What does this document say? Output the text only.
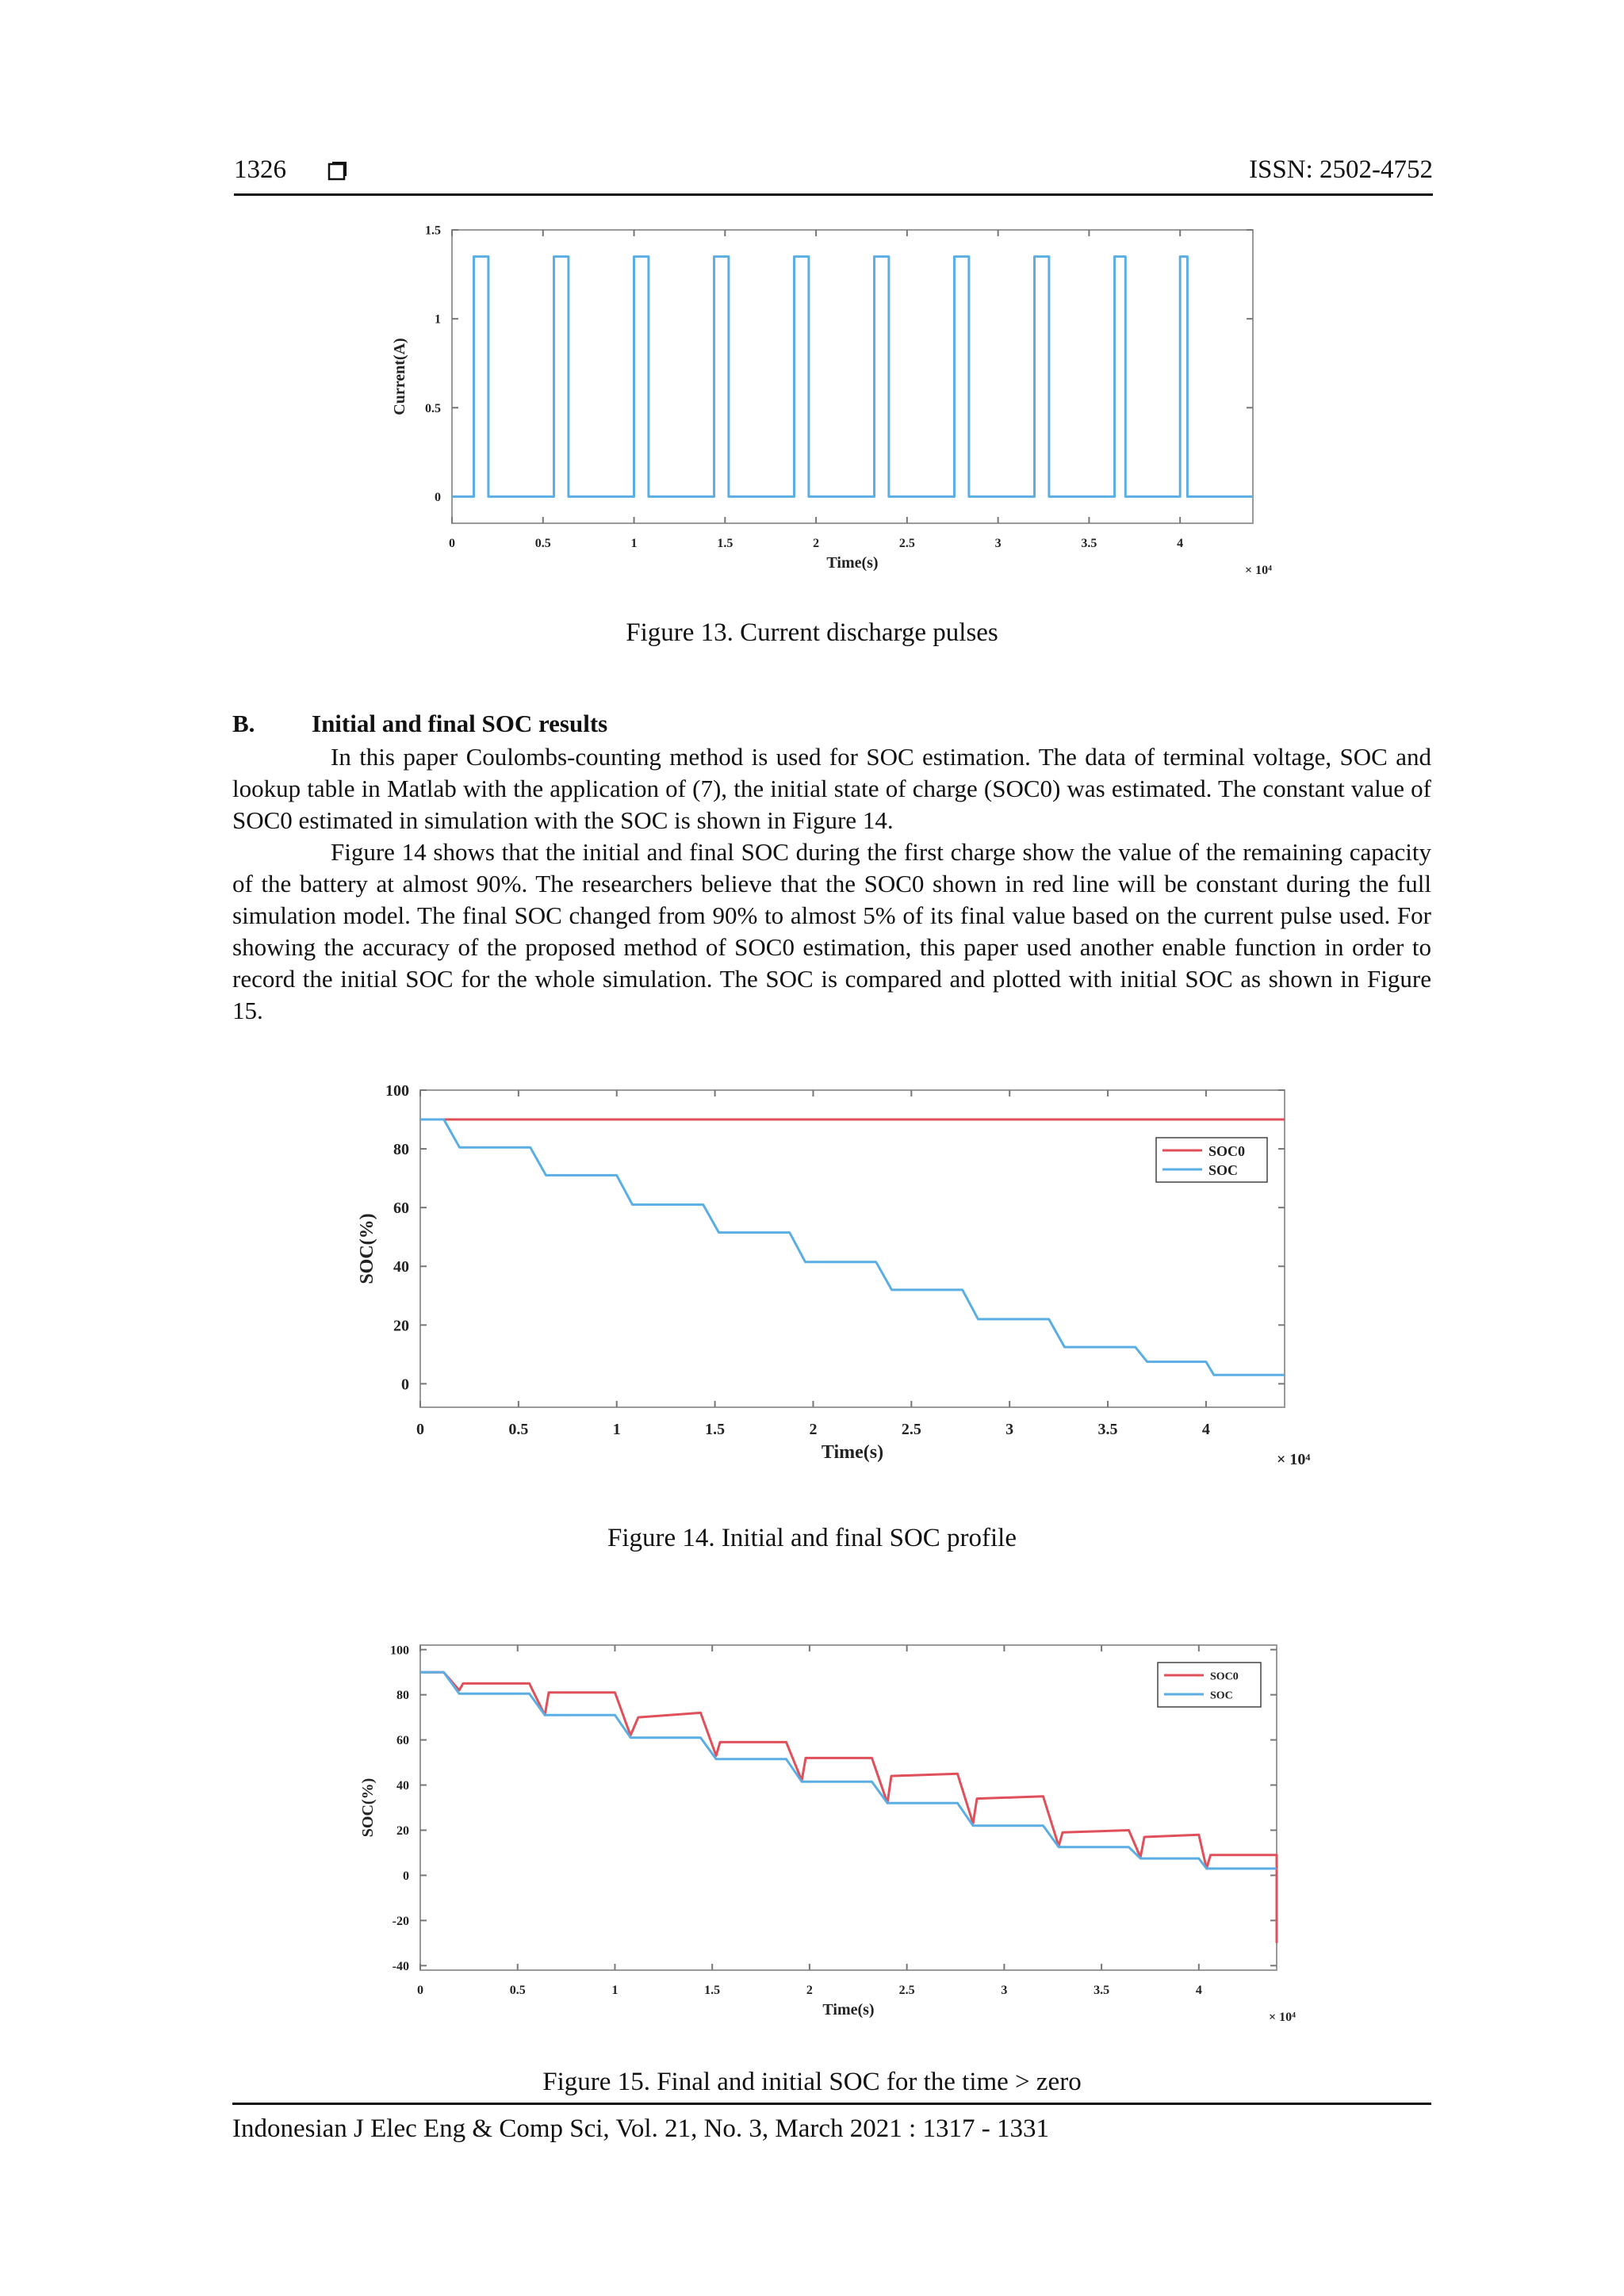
1326	ISSN: 2502-4752
0	0.5	1	1.5	2	2.5	3	3.5	4
0
0.5
1
1.5
Time(s)
Current(A)
× 10⁴
Figure 13. Current discharge pulses
B. Initial and final SOC results

In this paper Coulombs-counting method is used for SOC estimation. The data of terminal voltage, SOC and lookup table in Matlab with the application of (7), the initial state of charge (SOC0) was estimated. The constant value of SOC0 estimated in simulation with the SOC is shown in Figure 14.

Figure 14 shows that the initial and final SOC during the first charge show the value of the remaining capacity of the battery at almost 90%. The researchers believe that the SOC0 shown in red line will be constant during the full simulation model. The final SOC changed from 90% to almost 5% of its final value based on the current pulse used. For showing the accuracy of the proposed method of SOC0 estimation, this paper used another enable function in order to record the initial SOC for the whole simulation. The SOC is compared and plotted with initial SOC as shown in Figure 15.

0	0.5	1	1.5	2	2.5	3	3.5	4
0
20
40
60
80
100
Time(s)
SOC(%)
× 10⁴
SOC0
SOC
Figure 14. Initial and final SOC profile
0	0.5	1	1.5	2	2.5	3	3.5	4
-40
-20
0
20
40
60
80
100
Time(s)
SOC(%)
× 10⁴
SOC0
SOC
Figure 15. Final and initial SOC for the time > zero
Indonesian J Elec Eng & Comp Sci, Vol. 21, No. 3, March 2021 : 1317 - 1331
